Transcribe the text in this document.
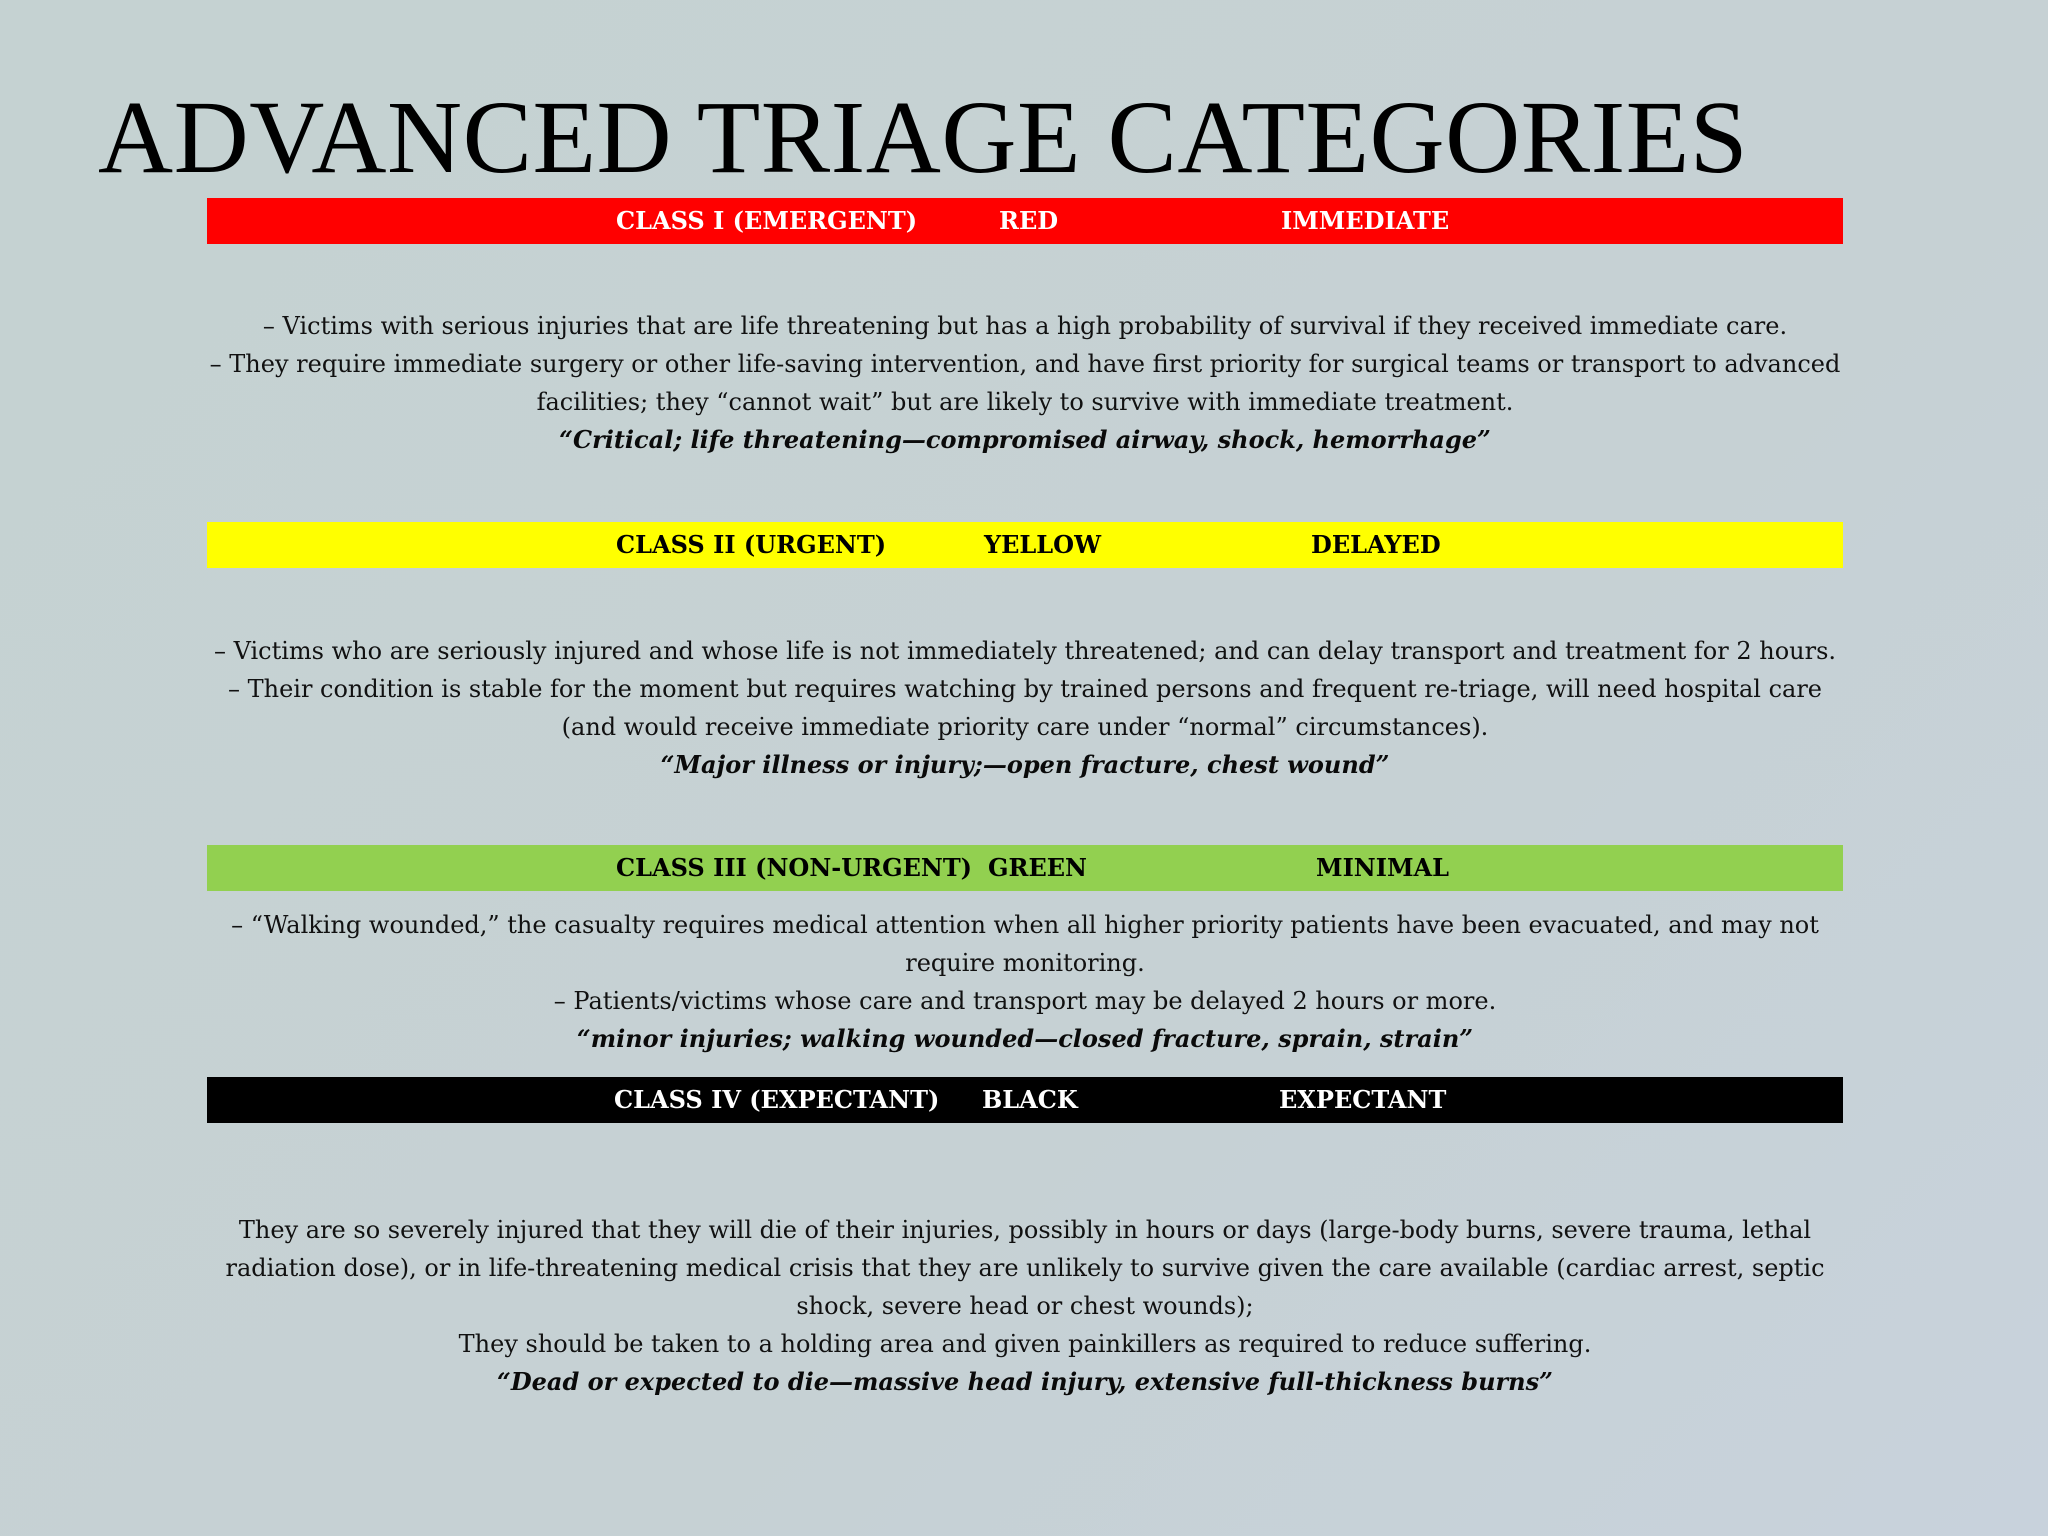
ADVANCED TRIAGE CATEGORIES
CLASS I (EMERGENT)	RED	IMMEDIATE

– Victims with serious injuries that are life threatening but has a high probability of survival if they received immediate care.

– They require immediate surgery or other life-saving intervention, and have first priority for surgical teams or transport to advanced facilities; they “cannot wait” but are likely to survive with immediate treatment.

“Critical; life threatening—compromised airway, shock, hemorrhage”

CLASS II (URGENT)	YELLOW	DELAYED

– Victims who are seriously injured and whose life is not immediately threatened; and can delay transport and treatment for 2 hours.

– Their condition is stable for the moment but requires watching by trained persons and frequent re-triage, will need hospital care (and would receive immediate priority care under “normal” circumstances).

“Major illness or injury;—open fracture, chest wound”

CLASS III (NON-URGENT) GREEN	MINIMAL

– “Walking wounded,” the casualty requires medical attention when all higher priority patients have been evacuated, and may not require monitoring.

– Patients/victims whose care and transport may be delayed 2 hours or more.

“minor injuries; walking wounded—closed fracture, sprain, strain”

CLASS IV (EXPECTANT) BLACK	EXPECTANT

They are so severely injured that they will die of their injuries, possibly in hours or days (large-body burns, severe trauma, lethal radiation dose), or in life-threatening medical crisis that they are unlikely to survive given the care available (cardiac arrest, septic shock, severe head or chest wounds);

They should be taken to a holding area and given painkillers as required to reduce suffering.

“Dead or expected to die—massive head injury, extensive full-thickness burns”
